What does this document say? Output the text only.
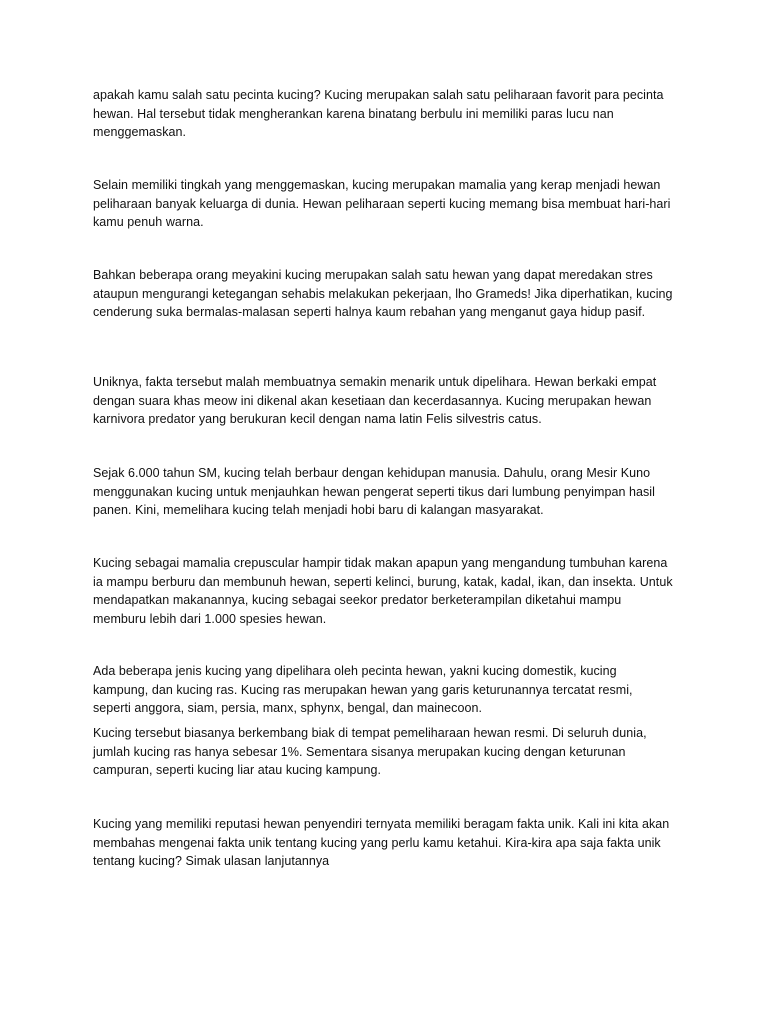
apakah kamu salah satu pecinta kucing? Kucing merupakan salah satu peliharaan favorit para pecinta hewan. Hal tersebut tidak mengherankan karena binatang berbulu ini memiliki paras lucu nan menggemaskan.

Selain memiliki tingkah yang menggemaskan, kucing merupakan mamalia yang kerap menjadi hewan peliharaan banyak keluarga di dunia. Hewan peliharaan seperti kucing memang bisa membuat hari-hari kamu penuh warna.

Bahkan beberapa orang meyakini kucing merupakan salah satu hewan yang dapat meredakan stres ataupun mengurangi ketegangan sehabis melakukan pekerjaan, lho Grameds! Jika diperhatikan, kucing cenderung suka bermalas-malasan seperti halnya kaum rebahan yang menganut gaya hidup pasif.

Uniknya, fakta tersebut malah membuatnya semakin menarik untuk dipelihara. Hewan berkaki empat dengan suara khas meow ini dikenal akan kesetiaan dan kecerdasannya. Kucing merupakan hewan karnivora predator yang berukuran kecil dengan nama latin Felis silvestris catus.

Sejak 6.000 tahun SM, kucing telah berbaur dengan kehidupan manusia. Dahulu, orang Mesir Kuno menggunakan kucing untuk menjauhkan hewan pengerat seperti tikus dari lumbung penyimpan hasil panen. Kini, memelihara kucing telah menjadi hobi baru di kalangan masyarakat.

Kucing sebagai mamalia crepuscular hampir tidak makan apapun yang mengandung tumbuhan karena ia mampu berburu dan membunuh hewan, seperti kelinci, burung, katak, kadal, ikan, dan insekta. Untuk mendapatkan makanannya, kucing sebagai seekor predator berketerampilan diketahui mampu memburu lebih dari 1.000 spesies hewan.

Ada beberapa jenis kucing yang dipelihara oleh pecinta hewan, yakni kucing domestik, kucing kampung, dan kucing ras. Kucing ras merupakan hewan yang garis keturunannya tercatat resmi, seperti anggora, siam, persia, manx, sphynx, bengal, dan mainecoon.

Kucing tersebut biasanya berkembang biak di tempat pemeliharaan hewan resmi. Di seluruh dunia, jumlah kucing ras hanya sebesar 1%. Sementara sisanya merupakan kucing dengan keturunan campuran, seperti kucing liar atau kucing kampung.

Kucing yang memiliki reputasi hewan penyendiri ternyata memiliki beragam fakta unik. Kali ini kita akan membahas mengenai fakta unik tentang kucing yang perlu kamu ketahui. Kira-kira apa saja fakta unik tentang kucing? Simak ulasan lanjutannya
